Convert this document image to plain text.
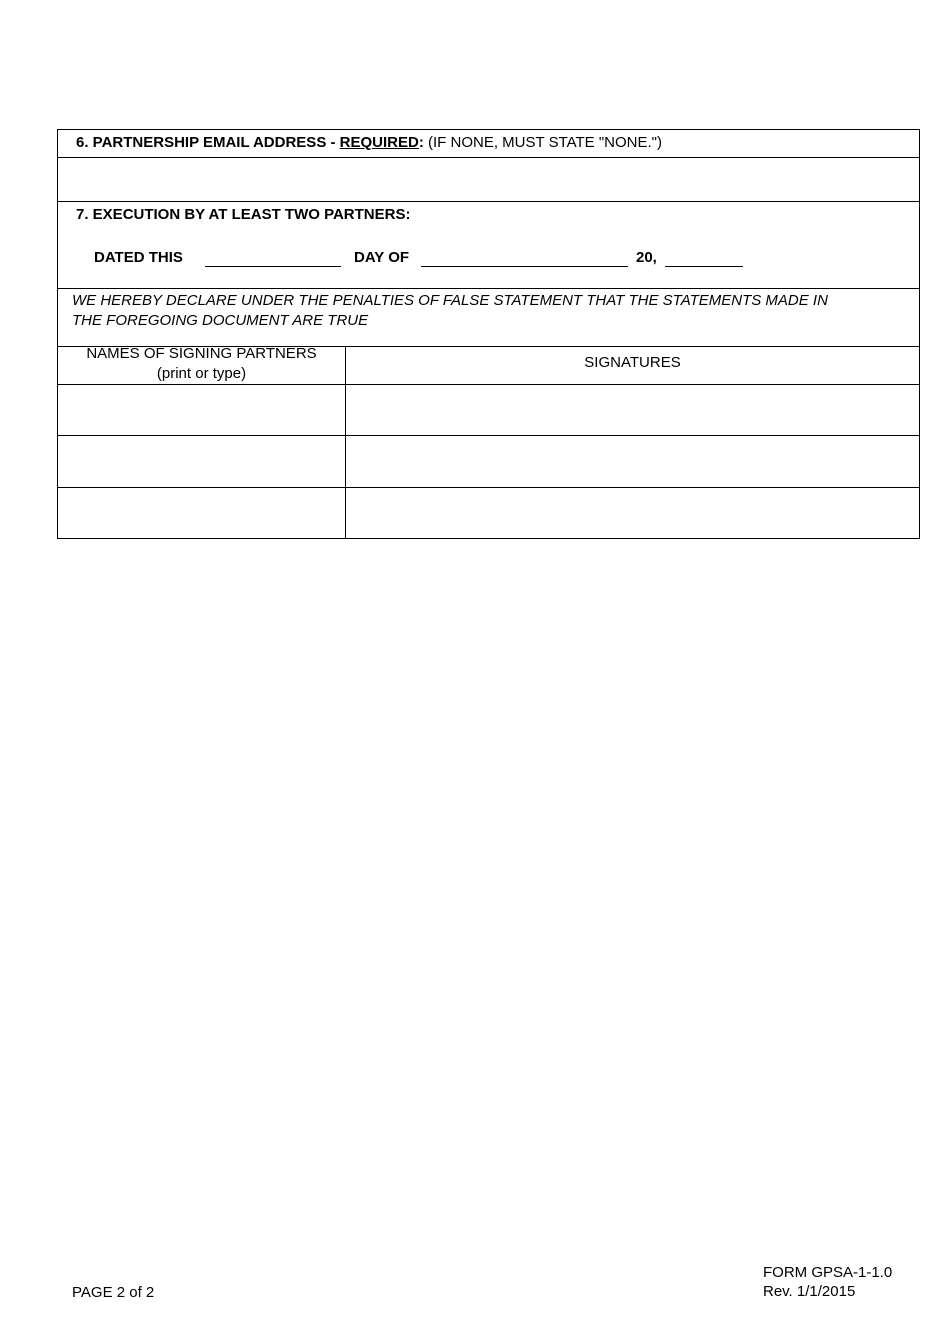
6. PARTNERSHIP EMAIL ADDRESS - REQUIRED: (IF NONE, MUST STATE "NONE.")
7. EXECUTION BY AT LEAST TWO PARTNERS:
DATED THIS	DAY OF	20,
WE HEREBY DECLARE UNDER THE PENALTIES OF FALSE STATEMENT THAT THE STATEMENTS MADE IN
THE FOREGOING DOCUMENT ARE TRUE
NAMES OF SIGNING PARTNERS
(print or type)
SIGNATURES
PAGE 2 of 2
FORM GPSA-1-1.0
Rev. 1/1/2015
